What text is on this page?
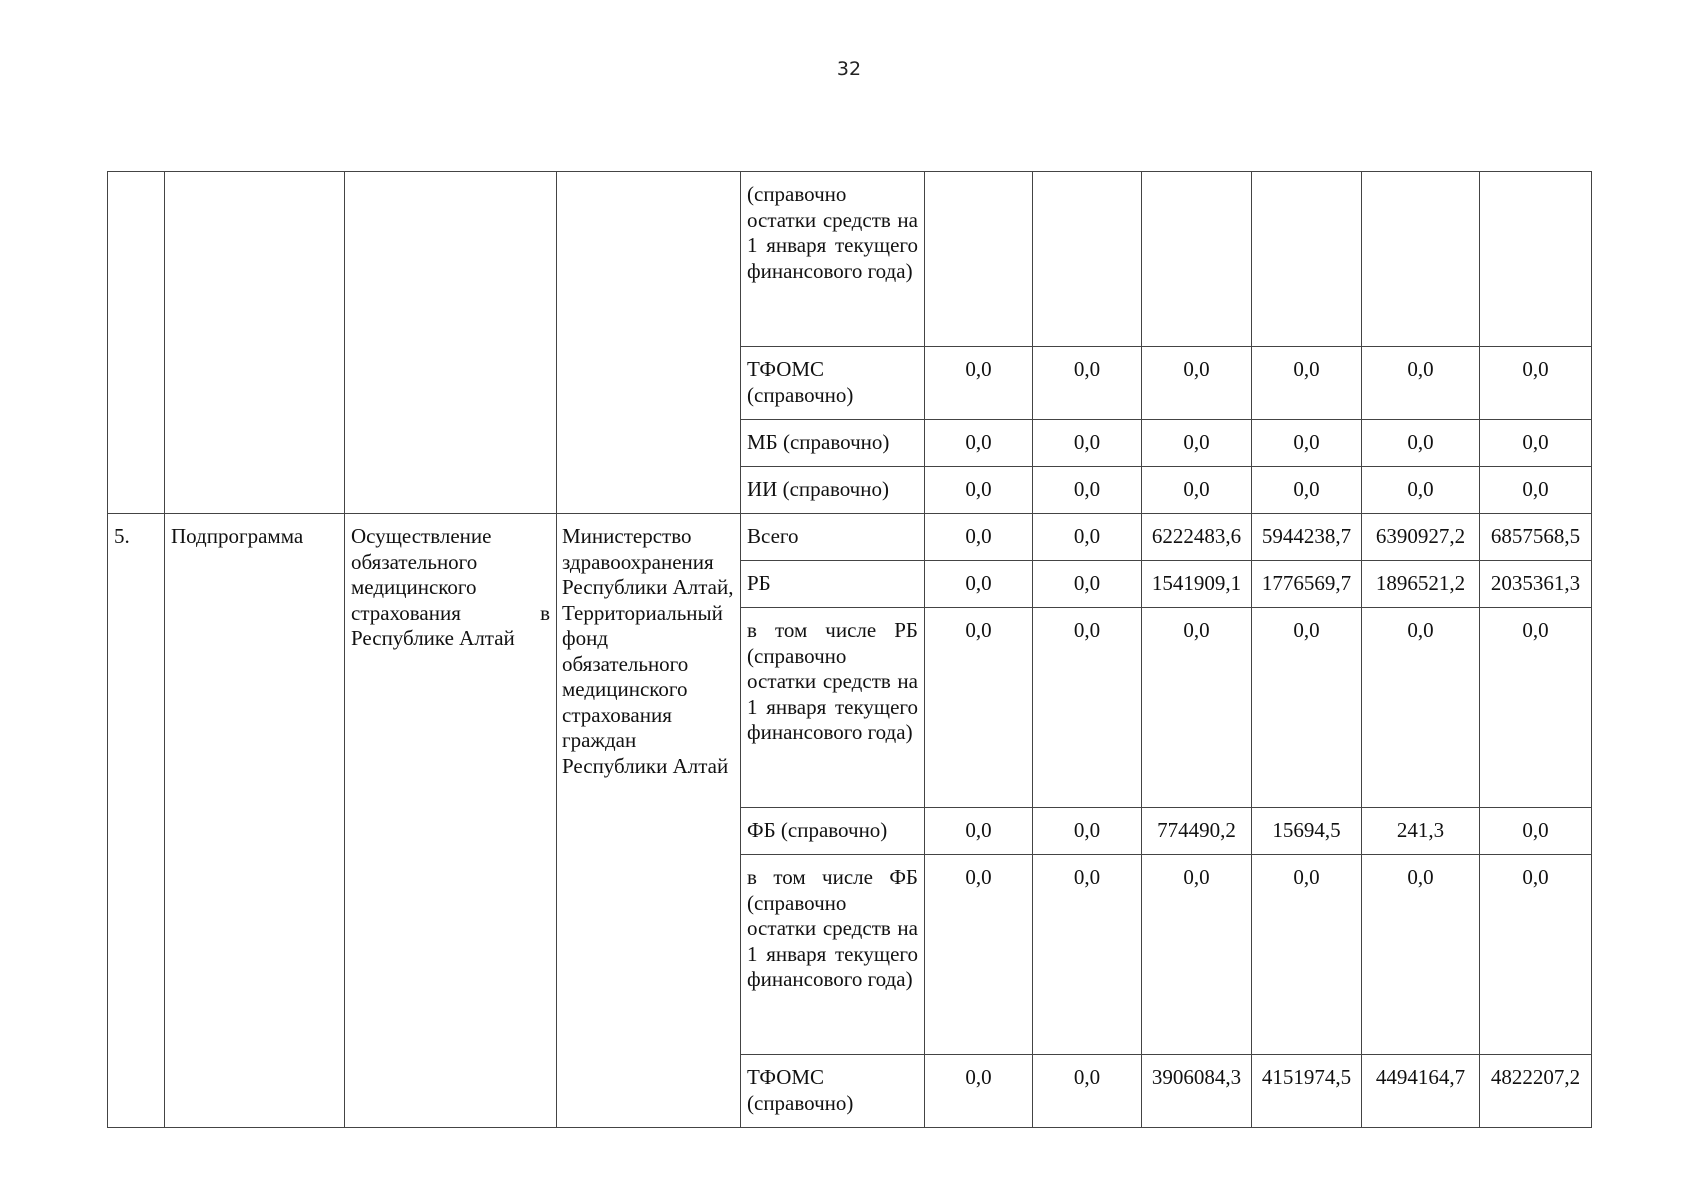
32
				(справочно остатки средств на 1 января текущего финансового года)						
				ТФОМС (справочно)	0,0	0,0	0,0	0,0	0,0	0,0
				МБ (справочно)	0,0	0,0	0,0	0,0	0,0	0,0
				ИИ (справочно)	0,0	0,0	0,0	0,0	0,0	0,0
5.	Подпрограмма	Осуществление обязательного медицинского страхования в Республике Алтай	Министерство здравоохранения Республики Алтай, Территориальный фонд обязательного медицинского страхования граждан Республики Алтай	Всего	0,0	0,0	6222483,6	5944238,7	6390927,2	6857568,5
				РБ	0,0	0,0	1541909,1	1776569,7	1896521,2	2035361,3
				в том числе РБ (справочно остатки средств на 1 января текущего финансового года)	0,0	0,0	0,0	0,0	0,0	0,0
				ФБ (справочно)	0,0	0,0	774490,2	15694,5	241,3	0,0
				в том числе ФБ (справочно остатки средств на 1 января текущего финансового года)	0,0	0,0	0,0	0,0	0,0	0,0
				ТФОМС (справочно)	0,0	0,0	3906084,3	4151974,5	4494164,7	4822207,2
